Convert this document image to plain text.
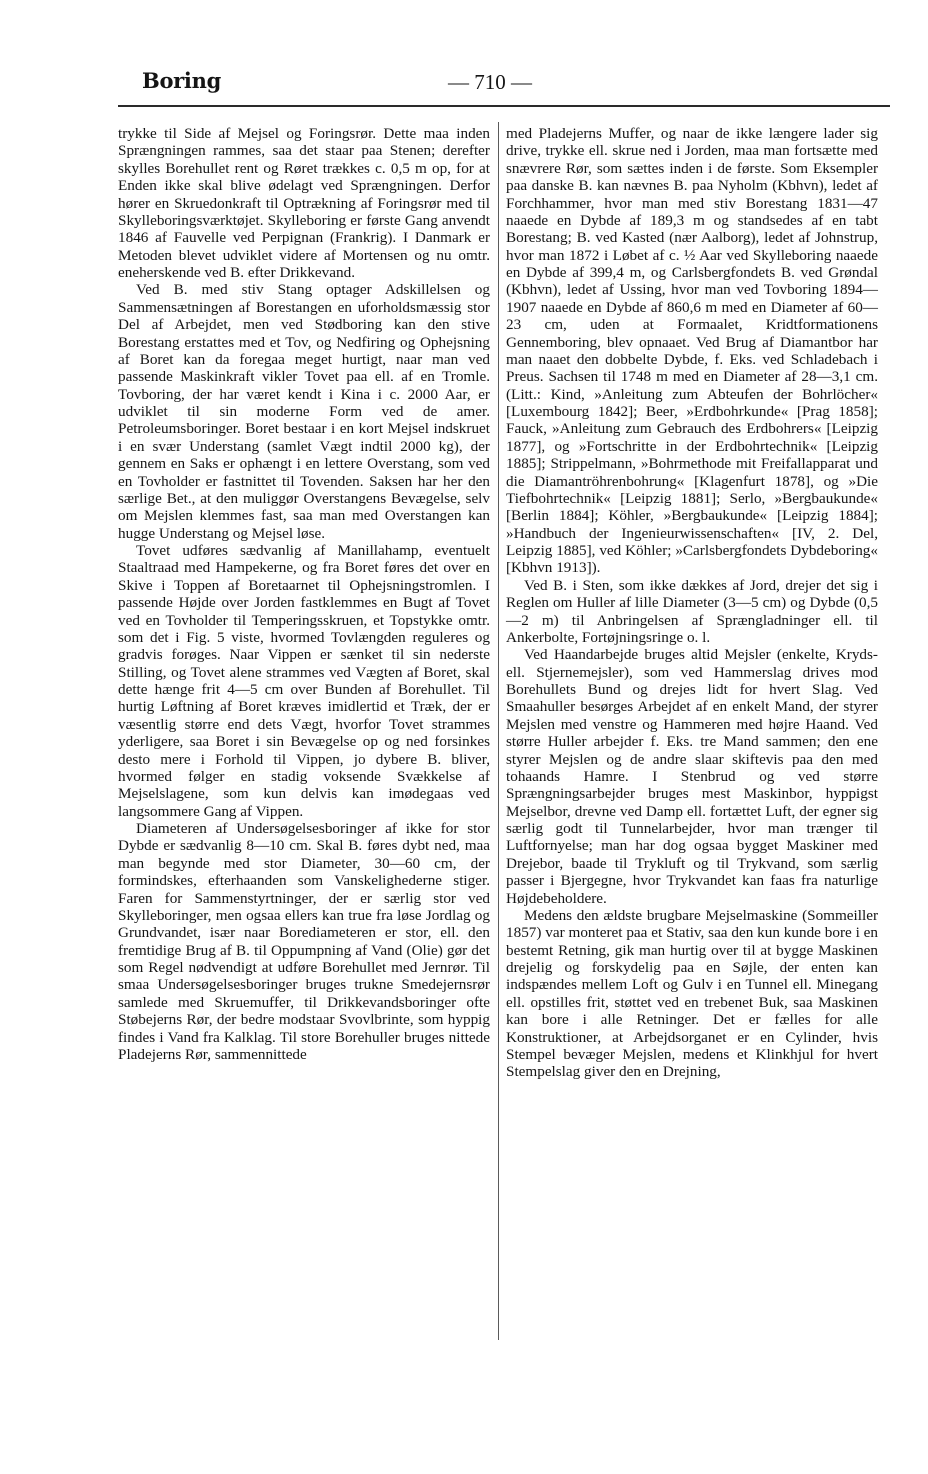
Boring	— 710 —

trykke til Side af Mejsel og Foringsrør. Dette maa inden Sprængningen rammes, saa det staar paa Stenen; derefter skylles Borehullet rent og Røret trækkes c. 0,5 m op, for at Enden ikke skal blive ødelagt ved Sprængningen. Derfor hører en Skruedonkraft til Optrækning af Foringsrør med til Skylleboringsværktøjet. Skylleboring er første Gang anvendt 1846 af Fauvelle ved Perpignan (Frankrig). I Danmark er Metoden blevet udviklet videre af Mortensen og nu omtr. eneherskende ved B. efter Drikkevand.

Ved B. med stiv Stang optager Adskillelsen og Sammensætningen af Borestangen en uforholdsmæssig stor Del af Arbejdet, men ved Stødboring kan den stive Borestang erstattes med et Tov, og Nedfiring og Ophejsning af Boret kan da foregaa meget hurtigt, naar man ved passende Maskinkraft vikler Tovet paa ell. af en Tromle. Tovboring, der har været kendt i Kina i c. 2000 Aar, er udviklet til sin moderne Form ved de amer. Petroleumsboringer. Boret bestaar i en kort Mejsel indskruet i en svær Understang (samlet Vægt indtil 2000 kg), der gennem en Saks er ophængt i en lettere Overstang, som ved en Tovholder er fastnittet til Tovenden. Saksen har her den særlige Bet., at den muliggør Overstangens Bevægelse, selv om Mejslen klemmes fast, saa man med Overstangen kan hugge Understang og Mejsel løse.

Tovet udføres sædvanlig af Manillahamp, eventuelt Staaltraad med Hampekerne, og fra Boret føres det over en Skive i Toppen af Boretaarnet til Ophejsningstromlen. I passende Højde over Jorden fastklemmes en Bugt af Tovet ved en Tovholder til Temperingsskruen, et Topstykke omtr. som det i Fig. 5 viste, hvormed Tovlængden reguleres og gradvis forøges. Naar Vippen er sænket til sin nederste Stilling, og Tovet alene strammes ved Vægten af Boret, skal dette hænge frit 4—5 cm over Bunden af Borehullet. Til hurtig Løftning af Boret kræves imidlertid et Træk, der er væsentlig større end dets Vægt, hvorfor Tovet strammes yderligere, saa Boret i sin Bevægelse op og ned forsinkes desto mere i Forhold til Vippen, jo dybere B. bliver, hvormed følger en stadig voksende Svækkelse af Mejselslagene, som kun delvis kan imødegaas ved langsommere Gang af Vippen.

Diameteren af Undersøgelsesboringer af ikke for stor Dybde er sædvanlig 8—10 cm. Skal B. føres dybt ned, maa man begynde med stor Diameter, 30—60 cm, der formindskes, efterhaanden som Vanskelighederne stiger. Faren for Sammenstyrtninger, der er særlig stor ved Skylleboringer, men ogsaa ellers kan true fra løse Jordlag og Grundvandet, især naar Borediameteren er stor, ell. den fremtidige Brug af B. til Oppumpning af Vand (Olie) gør det som Regel nødvendigt at udføre Borehullet med Jernrør. Til smaa Undersøgelsesboringer bruges trukne Smedejernsrør samlede med Skruemuffer, til Drikkevandsboringer ofte Støbejerns Rør, der bedre modstaar Svovlbrinte, som hyppig findes i Vand fra Kalklag. Til store Borehuller bruges nittede Pladejerns Rør, sammennittede

med Pladejerns Muffer, og naar de ikke længere lader sig drive, trykke ell. skrue ned i Jorden, maa man fortsætte med snævrere Rør, som sættes inden i de første. Som Eksempler paa danske B. kan nævnes B. paa Nyholm (Kbhvn), ledet af Forchhammer, hvor man med stiv Borestang 1831—47 naaede en Dybde af 189,3 m og standsedes af en tabt Borestang; B. ved Kasted (nær Aalborg), ledet af Johnstrup, hvor man 1872 i Løbet af c. ½ Aar ved Skylleboring naaede en Dybde af 399,4 m, og Carlsbergfondets B. ved Grøndal (Kbhvn), ledet af Ussing, hvor man ved Tovboring 1894—1907 naaede en Dybde af 860,6 m med en Diameter af 60—23 cm, uden at Formaalet, Kridtformationens Gennemboring, blev opnaaet. Ved Brug af Diamantbor har man naaet den dobbelte Dybde, f. Eks. ved Schladebach i Preus. Sachsen til 1748 m med en Diameter af 28—3,1 cm. (Litt.: Kind, »Anleitung zum Abteufen der Bohrlöcher« [Luxembourg 1842]; Beer, »Erdbohrkunde« [Prag 1858]; Fauck, »Anleitung zum Gebrauch des Erdbohrers« [Leipzig 1877], og »Fortschritte in der Erdbohrtechnik« [Leipzig 1885]; Strippelmann, »Bohrmethode mit Freifallapparat und die Diamantröhrenbohrung« [Klagenfurt 1878], og »Die Tiefbohrtechnik« [Leipzig 1881]; Serlo, »Bergbaukunde« [Berlin 1884]; Köhler, »Bergbaukunde« [Leipzig 1884]; »Handbuch der Ingenieurwissenschaften« [IV, 2. Del, Leipzig 1885], ved Köhler; »Carlsbergfondets Dybdeboring« [Kbhvn 1913]).

Ved B. i Sten, som ikke dækkes af Jord, drejer det sig i Reglen om Huller af lille Diameter (3—5 cm) og Dybde (0,5—2 m) til Anbringelsen af Sprængladninger ell. til Ankerbolte, Fortøjningsringe o. l.

Ved Haandarbejde bruges altid Mejsler (enkelte, Kryds- ell. Stjernemejsler), som ved Hammerslag drives mod Borehullets Bund og drejes lidt for hvert Slag. Ved Smaahuller besørges Arbejdet af en enkelt Mand, der styrer Mejslen med venstre og Hammeren med højre Haand. Ved større Huller arbejder f. Eks. tre Mand sammen; den ene styrer Mejslen og de andre slaar skiftevis paa den med tohaands Hamre. I Stenbrud og ved større Sprængningsarbejder bruges mest Maskinbor, hyppigst Mejselbor, drevne ved Damp ell. fortættet Luft, der egner sig særlig godt til Tunnelarbejder, hvor man trænger til Luftfornyelse; man har dog ogsaa bygget Maskiner med Drejebor, baade til Trykluft og til Trykvand, som særlig passer i Bjergegne, hvor Trykvandet kan faas fra naturlige Højdebeholdere.

Medens den ældste brugbare Mejselmaskine (Sommeiller 1857) var monteret paa et Stativ, saa den kun kunde bore i en bestemt Retning, gik man hurtig over til at bygge Maskinen drejelig og forskydelig paa en Søjle, der enten kan indspændes mellem Loft og Gulv i en Tunnel ell. Minegang ell. opstilles frit, støttet ved en trebenet Buk, saa Maskinen kan bore i alle Retninger. Det er fælles for alle Konstruktioner, at Arbejdsorganet er en Cylinder, hvis Stempel bevæger Mejslen, medens et Klinkhjul for hvert Stempelslag giver den en Drejning,
